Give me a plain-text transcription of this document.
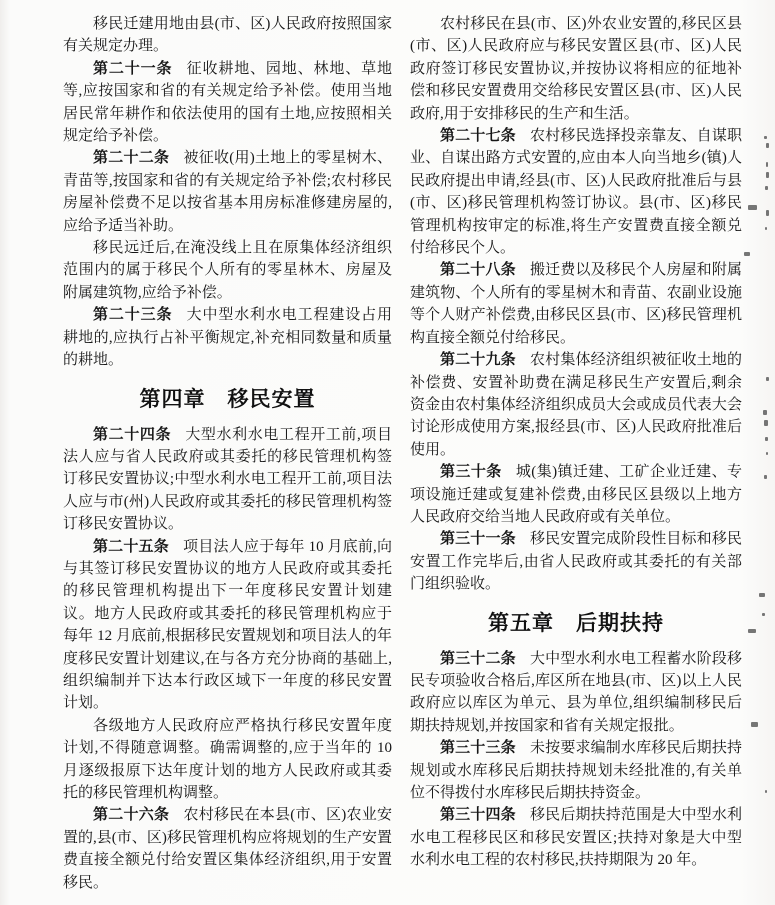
移民迁建用地由县(市、区)人民政府按照国家有关规定办理。

第二十一条 征收耕地、园地、林地、草地等,应按国家和省的有关规定给予补偿。使用当地居民常年耕作和依法使用的国有土地,应按照相关规定给予补偿。

第二十二条 被征收(用)土地上的零星树木、青苗等,按国家和省的有关规定给予补偿;农村移民房屋补偿费不足以按省基本用房标准修建房屋的,应给予适当补助。

移民远迁后,在淹没线上且在原集体经济组织范围内的属于移民个人所有的零星林木、房屋及附属建筑物,应给予补偿。

第二十三条 大中型水利水电工程建设占用耕地的,应执行占补平衡规定,补充相同数量和质量的耕地。

第四章　移民安置

第二十四条 大型水利水电工程开工前,项目法人应与省人民政府或其委托的移民管理机构签订移民安置协议;中型水利水电工程开工前,项目法人应与市(州)人民政府或其委托的移民管理机构签订移民安置协议。

第二十五条 项目法人应于每年 10 月底前,向与其签订移民安置协议的地方人民政府或其委托的移民管理机构提出下一年度移民安置计划建议。地方人民政府或其委托的移民管理机构应于每年 12 月底前,根据移民安置规划和项目法人的年度移民安置计划建议,在与各方充分协商的基础上,组织编制并下达本行政区域下一年度的移民安置计划。

各级地方人民政府应严格执行移民安置年度计划,不得随意调整。确需调整的,应于当年的 10 月逐级报原下达年度计划的地方人民政府或其委托的移民管理机构调整。

第二十六条 农村移民在本县(市、区)农业安置的,县(市、区)移民管理机构应将规划的生产安置费直接全额兑付给安置区集体经济组织,用于安置移民。

农村移民在县(市、区)外农业安置的,移民区县(市、区)人民政府应与移民安置区县(市、区)人民政府签订移民安置协议,并按协议将相应的征地补偿和移民安置费用交给移民安置区县(市、区)人民政府,用于安排移民的生产和生活。

第二十七条 农村移民选择投亲靠友、自谋职业、自谋出路方式安置的,应由本人向当地乡(镇)人民政府提出申请,经县(市、区)人民政府批准后与县(市、区)移民管理机构签订协议。县(市、区)移民管理机构按审定的标准,将生产安置费直接全额兑付给移民个人。

第二十八条 搬迁费以及移民个人房屋和附属建筑物、个人所有的零星树木和青苗、农副业设施等个人财产补偿费,由移民区县(市、区)移民管理机构直接全额兑付给移民。

第二十九条 农村集体经济组织被征收土地的补偿费、安置补助费在满足移民生产安置后,剩余资金由农村集体经济组织成员大会或成员代表大会讨论形成使用方案,报经县(市、区)人民政府批准后使用。

第三十条 城(集)镇迁建、工矿企业迁建、专项设施迁建或复建补偿费,由移民区县级以上地方人民政府交给当地人民政府或有关单位。

第三十一条 移民安置完成阶段性目标和移民安置工作完毕后,由省人民政府或其委托的有关部门组织验收。

第五章　后期扶持

第三十二条 大中型水利水电工程蓄水阶段移民专项验收合格后,库区所在地县(市、区)以上人民政府应以库区为单元、县为单位,组织编制移民后期扶持规划,并按国家和省有关规定报批。

第三十三条 未按要求编制水库移民后期扶持规划或水库移民后期扶持规划未经批准的,有关单位不得拨付水库移民后期扶持资金。

第三十四条 移民后期扶持范围是大中型水利水电工程移民区和移民安置区;扶持对象是大中型水利水电工程的农村移民,扶持期限为 20 年。
